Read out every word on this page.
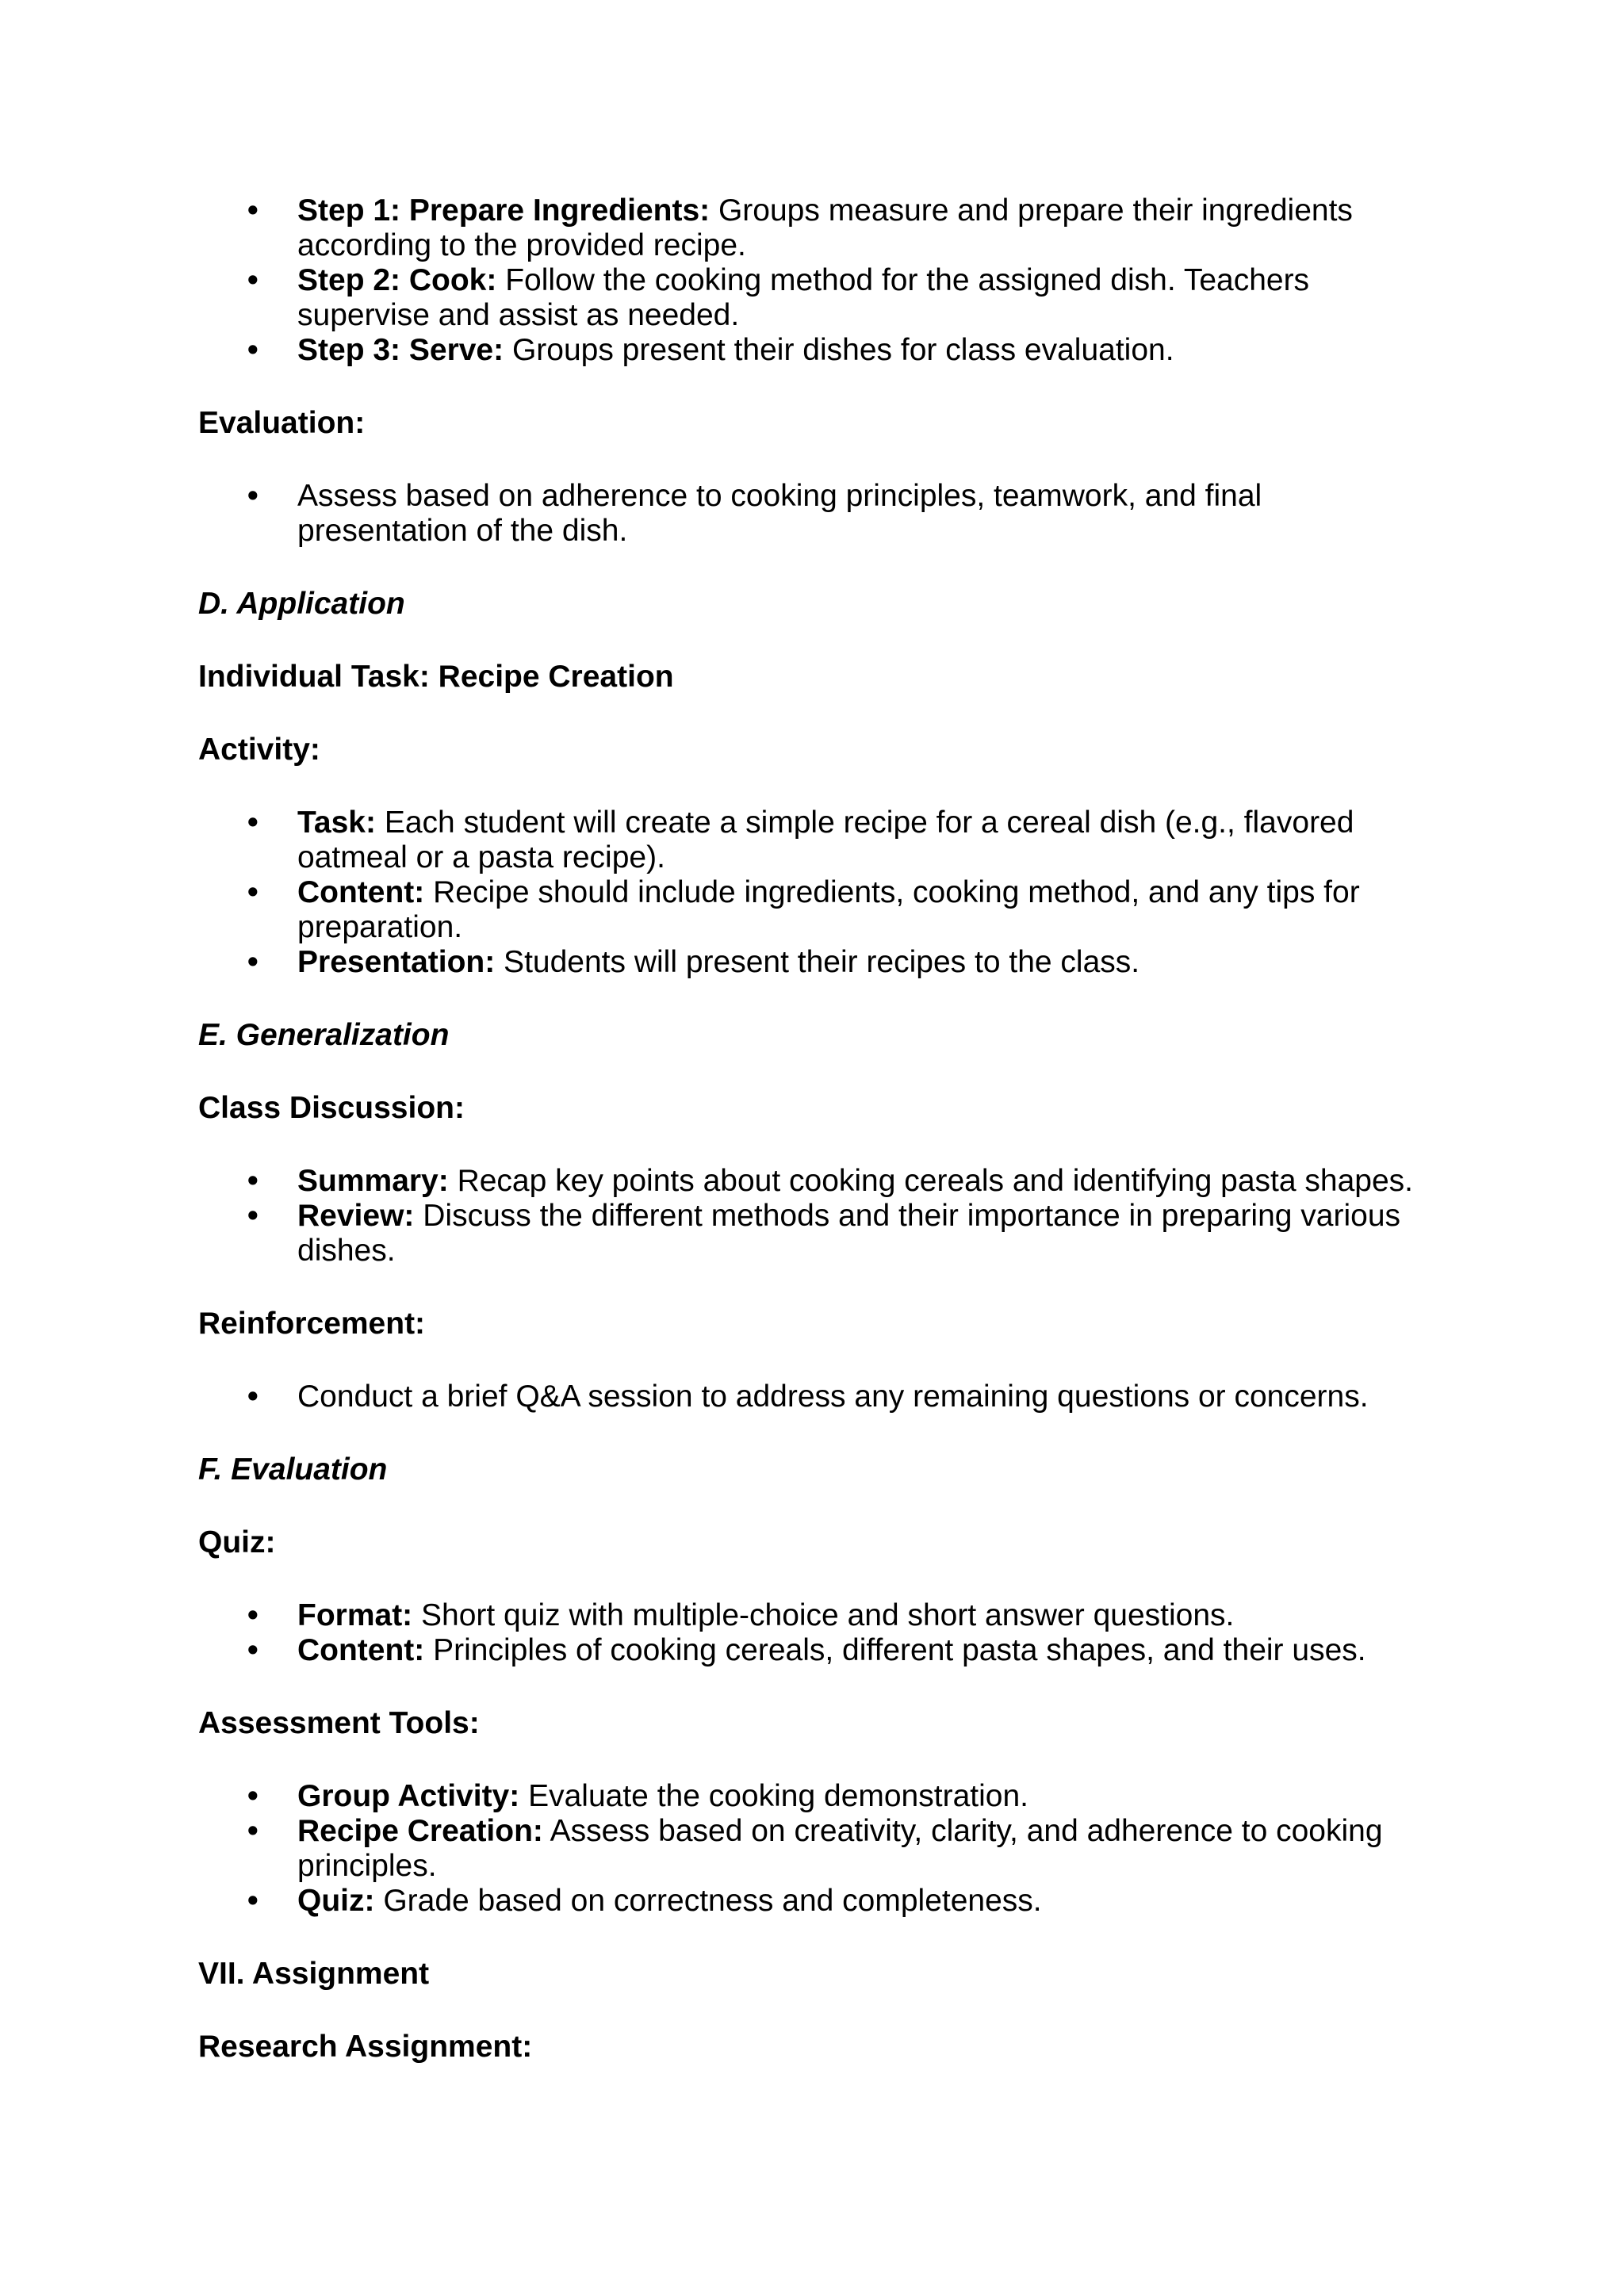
• Step 1: Prepare Ingredients: Groups measure and prepare their ingredients according to the provided recipe.
• Step 2: Cook: Follow the cooking method for the assigned dish. Teachers supervise and assist as needed.
• Step 3: Serve: Groups present their dishes for class evaluation.
Evaluation:
• Assess based on adherence to cooking principles, teamwork, and final presentation of the dish.
D. Application
Individual Task: Recipe Creation
Activity:
• Task: Each student will create a simple recipe for a cereal dish (e.g., flavored oatmeal or a pasta recipe).
• Content: Recipe should include ingredients, cooking method, and any tips for preparation.
• Presentation: Students will present their recipes to the class.
E. Generalization
Class Discussion:
• Summary: Recap key points about cooking cereals and identifying pasta shapes.
• Review: Discuss the different methods and their importance in preparing various dishes.
Reinforcement:
• Conduct a brief Q&A session to address any remaining questions or concerns.
F. Evaluation
Quiz:
• Format: Short quiz with multiple-choice and short answer questions.
• Content: Principles of cooking cereals, different pasta shapes, and their uses.
Assessment Tools:
• Group Activity: Evaluate the cooking demonstration.
• Recipe Creation: Assess based on creativity, clarity, and adherence to cooking principles.
• Quiz: Grade based on correctness and completeness.
VII. Assignment
Research Assignment:
